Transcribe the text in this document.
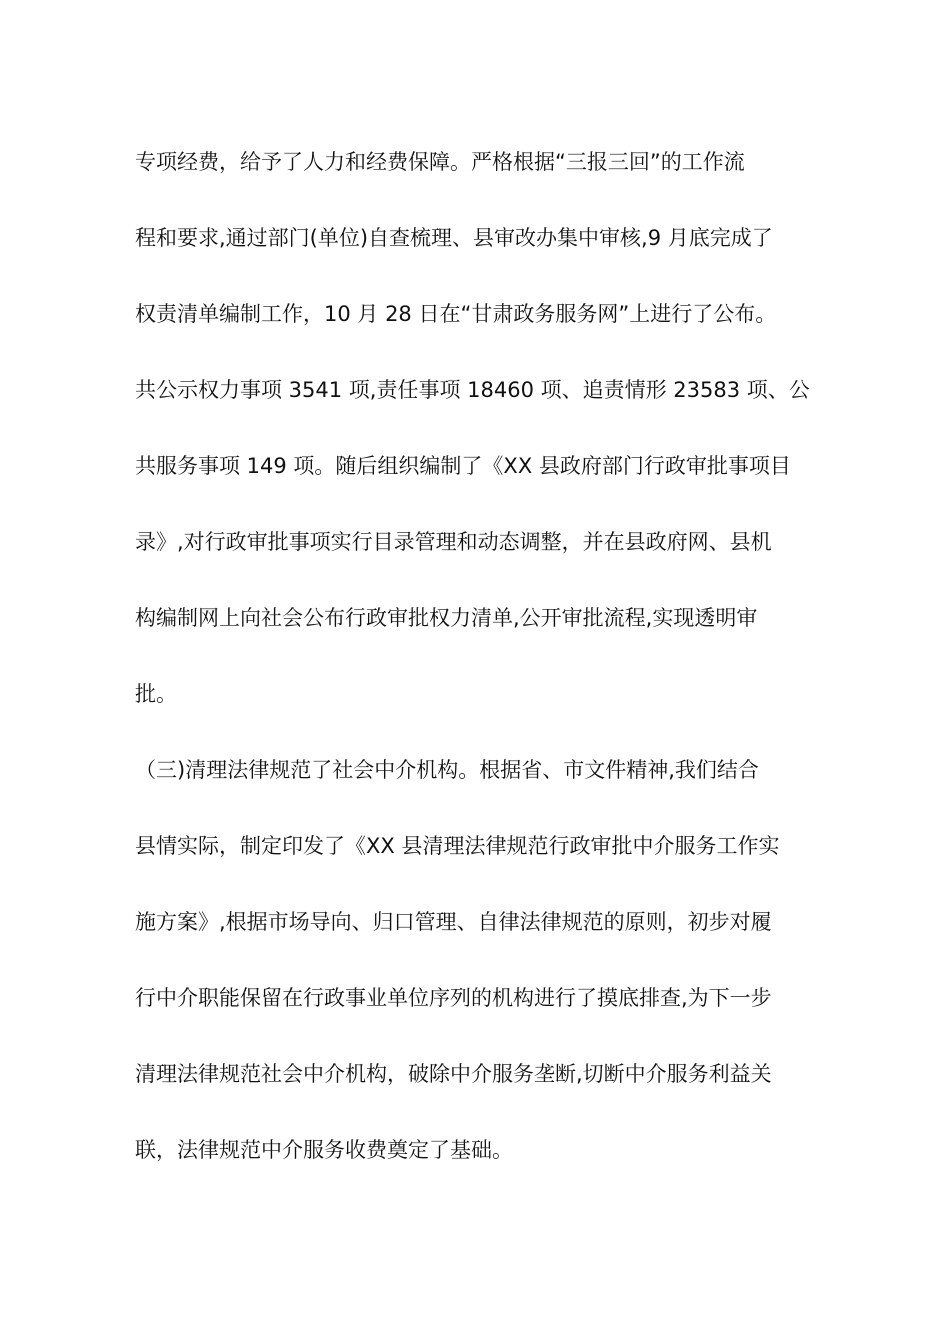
专项经费，给予了人力和经费保障。严格根据“三报三回”的工作流
程和要求,通过部门(单位)自查梳理、县审改办集中审核,9 月底完成了
权责清单编制工作，10 月 28 日在“甘肃政务服务网”上进行了公布。
共公示权力事项 3541 项,责任事项 18460 项、追责情形 23583 项、公
共服务事项 149 项。随后组织编制了《XX 县政府部门行政审批事项目
录》,对行政审批事项实行目录管理和动态调整，并在县政府网、县机
构编制网上向社会公布行政审批权力清单,公开审批流程,实现透明审
批。
（三)清理法律规范了社会中介机构。根据省、市文件精神,我们结合
县情实际，制定印发了《XX 县清理法律规范行政审批中介服务工作实
施方案》,根据市场导向、归口管理、自律法律规范的原则，初步对履
行中介职能保留在行政事业单位序列的机构进行了摸底排查,为下一步
清理法律规范社会中介机构，破除中介服务垄断,切断中介服务利益关
联，法律规范中介服务收费奠定了基础。
